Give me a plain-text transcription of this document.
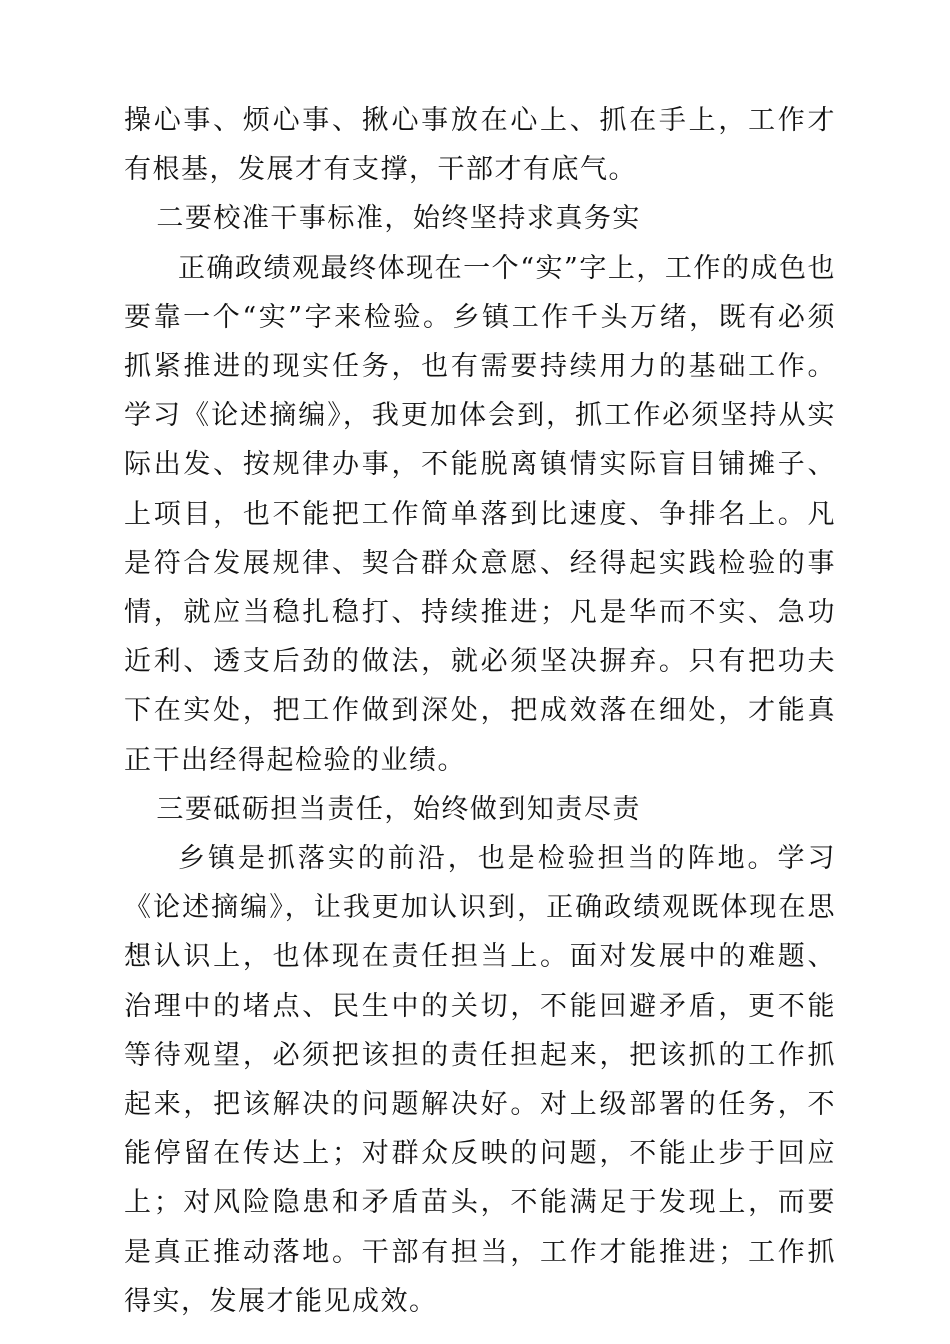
操心事、烦心事、揪心事放在心上、抓在手上，工作才有根基，发展才有支撑，干部才有底气。

二要校准干事标准，始终坚持求真务实

正确政绩观最终体现在一个“实”字上，工作的成色也要靠一个“实”字来检验。乡镇工作千头万绪，既有必须抓紧推进的现实任务，也有需要持续用力的基础工作。学习《论述摘编》，我更加体会到，抓工作必须坚持从实际出发、按规律办事，不能脱离镇情实际盲目铺摊子、上项目，也不能把工作简单落到比速度、争排名上。凡是符合发展规律、契合群众意愿、经得起实践检验的事情，就应当稳扎稳打、持续推进；凡是华而不实、急功近利、透支后劲的做法，就必须坚决摒弃。只有把功夫下在实处，把工作做到深处，把成效落在细处，才能真正干出经得起检验的业绩。

三要砥砺担当责任，始终做到知责尽责

乡镇是抓落实的前沿，也是检验担当的阵地。学习《论述摘编》，让我更加认识到，正确政绩观既体现在思想认识上，也体现在责任担当上。面对发展中的难题、治理中的堵点、民生中的关切，不能回避矛盾，更不能等待观望，必须把该担的责任担起来，把该抓的工作抓起来，把该解决的问题解决好。对上级部署的任务，不能停留在传达上；对群众反映的问题，不能止步于回应上；对风险隐患和矛盾苗头，不能满足于发现上，而要是真正推动落地。干部有担当，工作才能推进；工作抓得实，发展才能见成效。
